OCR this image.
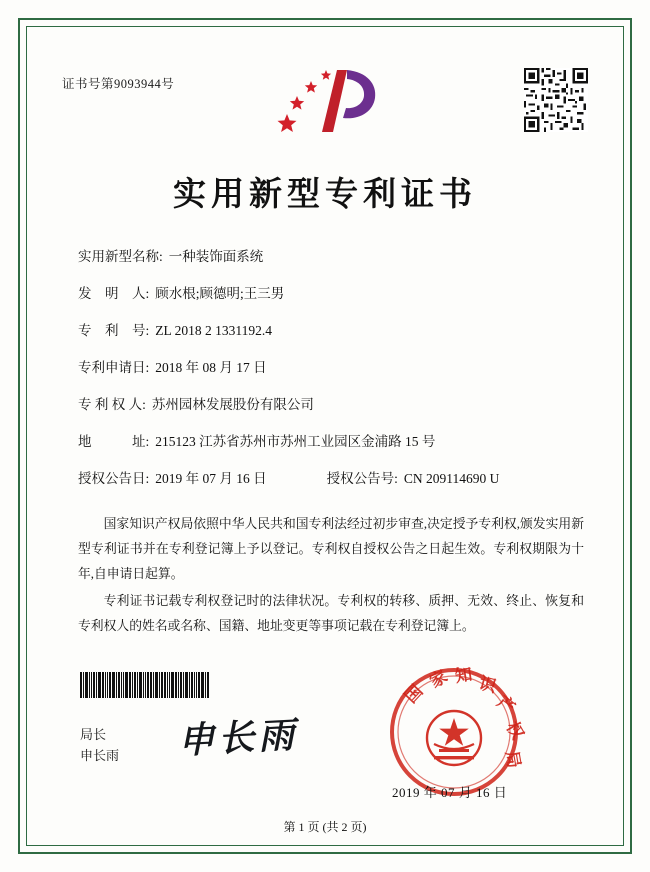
证书号第9093944号
实用新型专利证书
实用新型名称: 一种装饰面系统
发　明　人: 顾水根;顾德明;王三男
专　利　号: ZL 2018 2 1331192.4
专利申请日: 2018 年 08 月 17 日
专 利 权 人: 苏州园林发展股份有限公司
地　　　址: 215123 江苏省苏州市苏州工业园区金浦路 15 号
授权公告日: 2019 年 07 月 16 日	授权公告号: CN 209114690 U

国家知识产权局依照中华人民共和国专利法经过初步审查,决定授予专利权,颁发实用新型专利证书并在专利登记簿上予以登记。专利权自授权公告之日起生效。专利权期限为十年,自申请日起算。

专利证书记载专利权登记时的法律状况。专利权的转移、质押、无效、终止、恢复和专利权人的姓名或名称、国籍、地址变更等事项记载在专利登记簿上。

局长
申长雨 申长雨
国
家 知 识
产
权
局
2019 年 07 月 16 日
第 1 页 (共 2 页)
